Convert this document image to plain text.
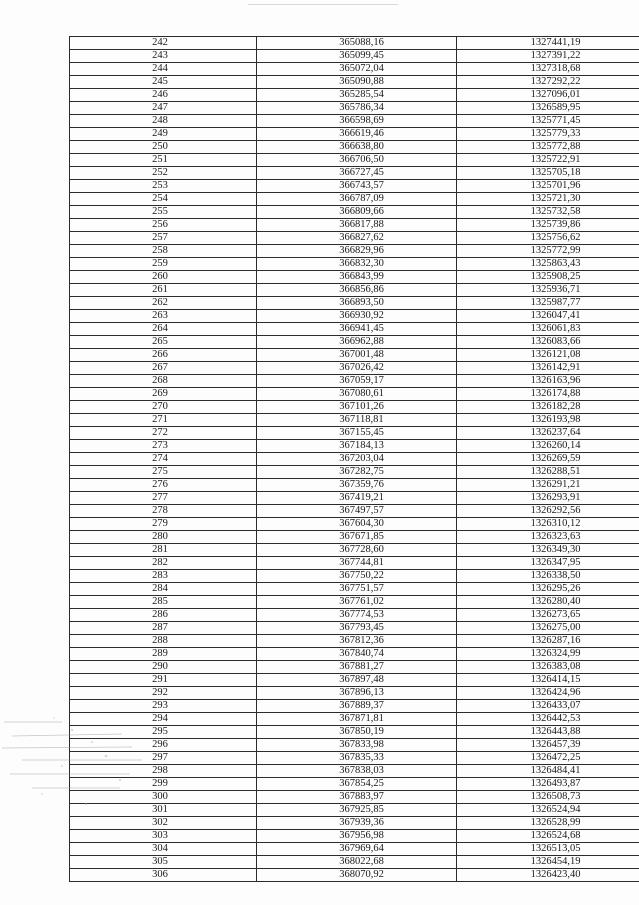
242	365088,16	1327441,19
243	365099,45	1327391,22
244	365072,04	1327318,68
245	365090,88	1327292,22
246	365285,54	1327096,01
247	365786,34	1326589,95
248	366598,69	1325771,45
249	366619,46	1325779,33
250	366638,80	1325772,88
251	366706,50	1325722,91
252	366727,45	1325705,18
253	366743,57	1325701,96
254	366787,09	1325721,30
255	366809,66	1325732,58
256	366817,88	1325739,86
257	366827,62	1325756,62
258	366829,96	1325772,99
259	366832,30	1325863,43
260	366843,99	1325908,25
261	366856,86	1325936,71
262	366893,50	1325987,77
263	366930,92	1326047,41
264	366941,45	1326061,83
265	366962,88	1326083,66
266	367001,48	1326121,08
267	367026,42	1326142,91
268	367059,17	1326163,96
269	367080,61	1326174,88
270	367101,26	1326182,28
271	367118,81	1326193,98
272	367155,45	1326237,64
273	367184,13	1326260,14
274	367203,04	1326269,59
275	367282,75	1326288,51
276	367359,76	1326291,21
277	367419,21	1326293,91
278	367497,57	1326292,56
279	367604,30	1326310,12
280	367671,85	1326323,63
281	367728,60	1326349,30
282	367744,81	1326347,95
283	367750,22	1326338,50
284	367751,57	1326295,26
285	367761,02	1326280,40
286	367774,53	1326273,65
287	367793,45	1326275,00
288	367812,36	1326287,16
289	367840,74	1326324,99
290	367881,27	1326383,08
291	367897,48	1326414,15
292	367896,13	1326424,96
293	367889,37	1326433,07
294	367871,81	1326442,53
295	367850,19	1326443,88
296	367833,98	1326457,39
297	367835,33	1326472,25
298	367838,03	1326484,41
299	367854,25	1326493,87
300	367883,97	1326508,73
301	367925,85	1326524,94
302	367939,36	1326528,99
303	367956,98	1326524,68
304	367969,64	1326513,05
305	368022,68	1326454,19
306	368070,92	1326423,40
